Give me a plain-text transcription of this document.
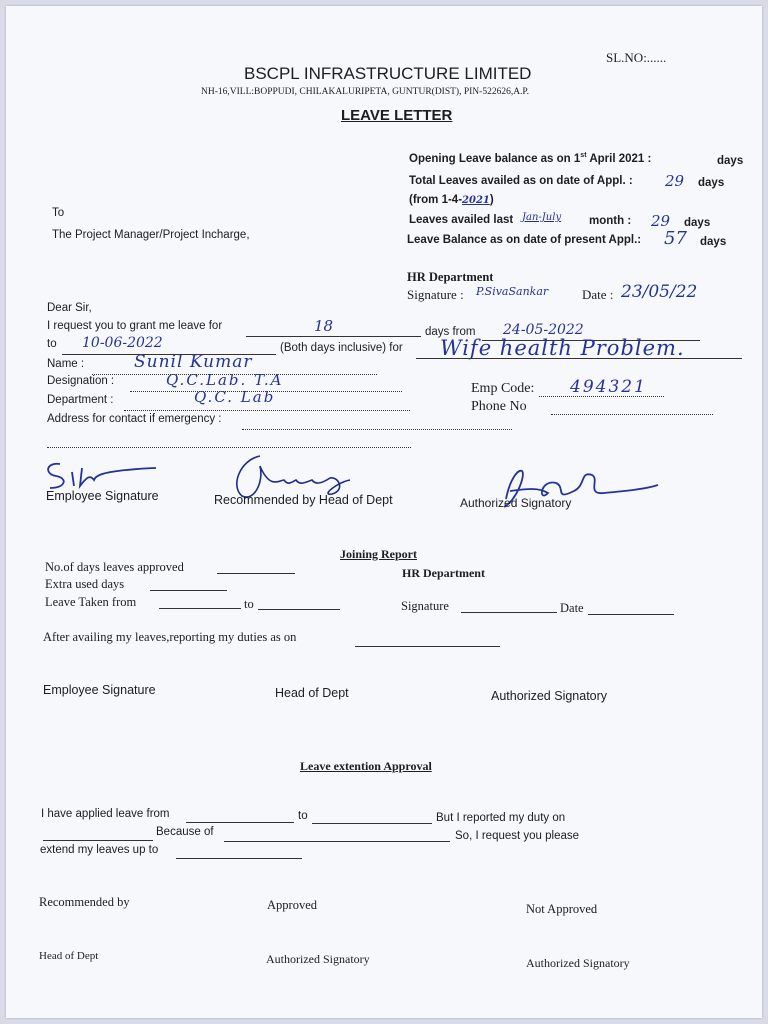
SL.NO:......
BSCPL INFRASTRUCTURE LIMITED
NH-16,VILL:BOPPUDI, CHILAKALURIPETA, GUNTUR(DIST), PIN-522626,A.P.
LEAVE LETTER
Opening Leave balance as on 1st April 2021 :	days
Total Leaves availed as on date of Appl. : 29 days
(from 1-4-2021)
Leaves availed last Jan-July month : 29 days
Leave Balance as on date of present Appl.: 57 days
To
The Project Manager/Project Incharge,
HR Department
Signature : P.SivaSankar	Date : 23/05/22
Dear Sir,
I request you to grant me leave for	18	days from 24-05-2022
to 10-06-2022	(Both days inclusive) for Wife health Problem.
Name :	Sunil Kumar
Designation :	Q.C.Lab. T.A
Department :	Q.C. Lab
Address for contact if emergency :
Emp Code: 494321
Phone No
Employee Signature	Recommended by Head of Dept	Authorized Signatory
Joining Report
HR Department
No.of days leaves approved
Extra used days
Leave Taken from	to	Signature	Date
After availing my leaves,reporting my duties as on
Employee Signature	Head of Dept	Authorized Signatory
Leave extention Approval
I have applied leave from	to	But I reported my duty on
Because of	So, I request you please
extend my leaves up to
Recommended by	Approved	Not Approved
Head of Dept	Authorized Signatory	Authorized Signatory
